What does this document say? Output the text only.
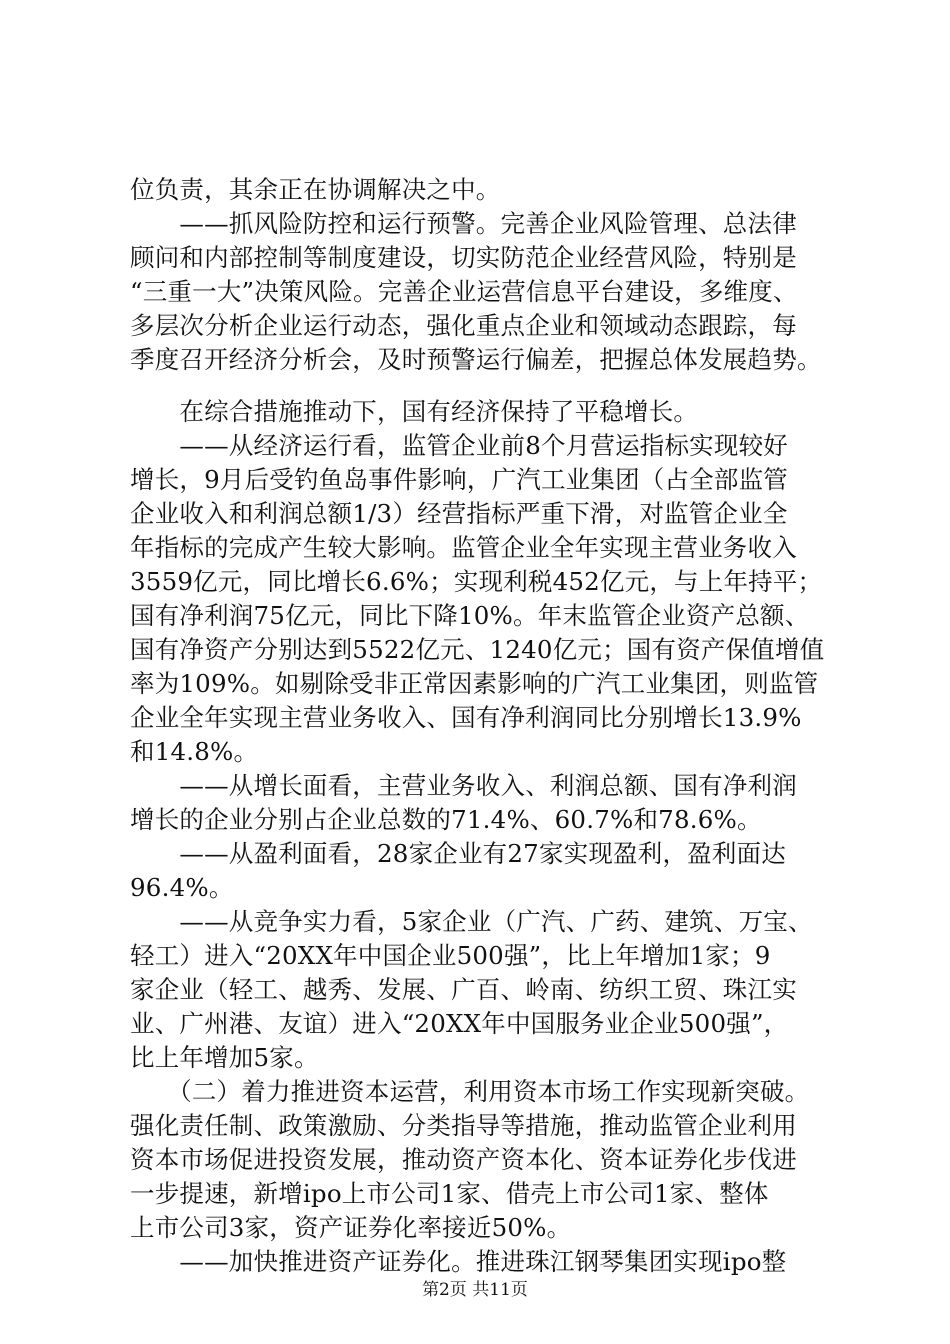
位负责，其余正在协调解决之中。
　　——抓风险防控和运行预警。完善企业风险管理、总法律
顾问和内部控制等制度建设，切实防范企业经营风险，特别是
“三重一大”决策风险。完善企业运营信息平台建设，多维度、
多层次分析企业运行动态，强化重点企业和领域动态跟踪，每
季度召开经济分析会，及时预警运行偏差，把握总体发展趋势。
　　在综合措施推动下，国有经济保持了平稳增长。
　　——从经济运行看，监管企业前8个月营运指标实现较好
增长，9月后受钓鱼岛事件影响，广汽工业集团（占全部监管
企业收入和利润总额1/3）经营指标严重下滑，对监管企业全
年指标的完成产生较大影响。监管企业全年实现主营业务收入
3559亿元，同比增长6.6%；实现利税452亿元，与上年持平；
国有净利润75亿元，同比下降10%。年末监管企业资产总额、
国有净资产分别达到5522亿元、1240亿元；国有资产保值增值
率为109%。如剔除受非正常因素影响的广汽工业集团，则监管
企业全年实现主营业务收入、国有净利润同比分别增长13.9%
和14.8%。
　　——从增长面看，主营业务收入、利润总额、国有净利润
增长的企业分别占企业总数的71.4%、60.7%和78.6%。
　　——从盈利面看，28家企业有27家实现盈利，盈利面达
96.4%。
　　——从竞争实力看，5家企业（广汽、广药、建筑、万宝、
轻工）进入“20XX年中国企业500强”，比上年增加1家；9
家企业（轻工、越秀、发展、广百、岭南、纺织工贸、珠江实
业、广州港、友谊）进入“20XX年中国服务业企业500强”，
比上年增加5家。
　　（二）着力推进资本运营，利用资本市场工作实现新突破。
强化责任制、政策激励、分类指导等措施，推动监管企业利用
资本市场促进投资发展，推动资产资本化、资本证券化步伐进
一步提速，新增ipo上市公司1家、借壳上市公司1家、整体
上市公司3家，资产证券化率接近50%。
　　——加快推进资产证券化。推进珠江钢琴集团实现ipo整
第2页 共11页
